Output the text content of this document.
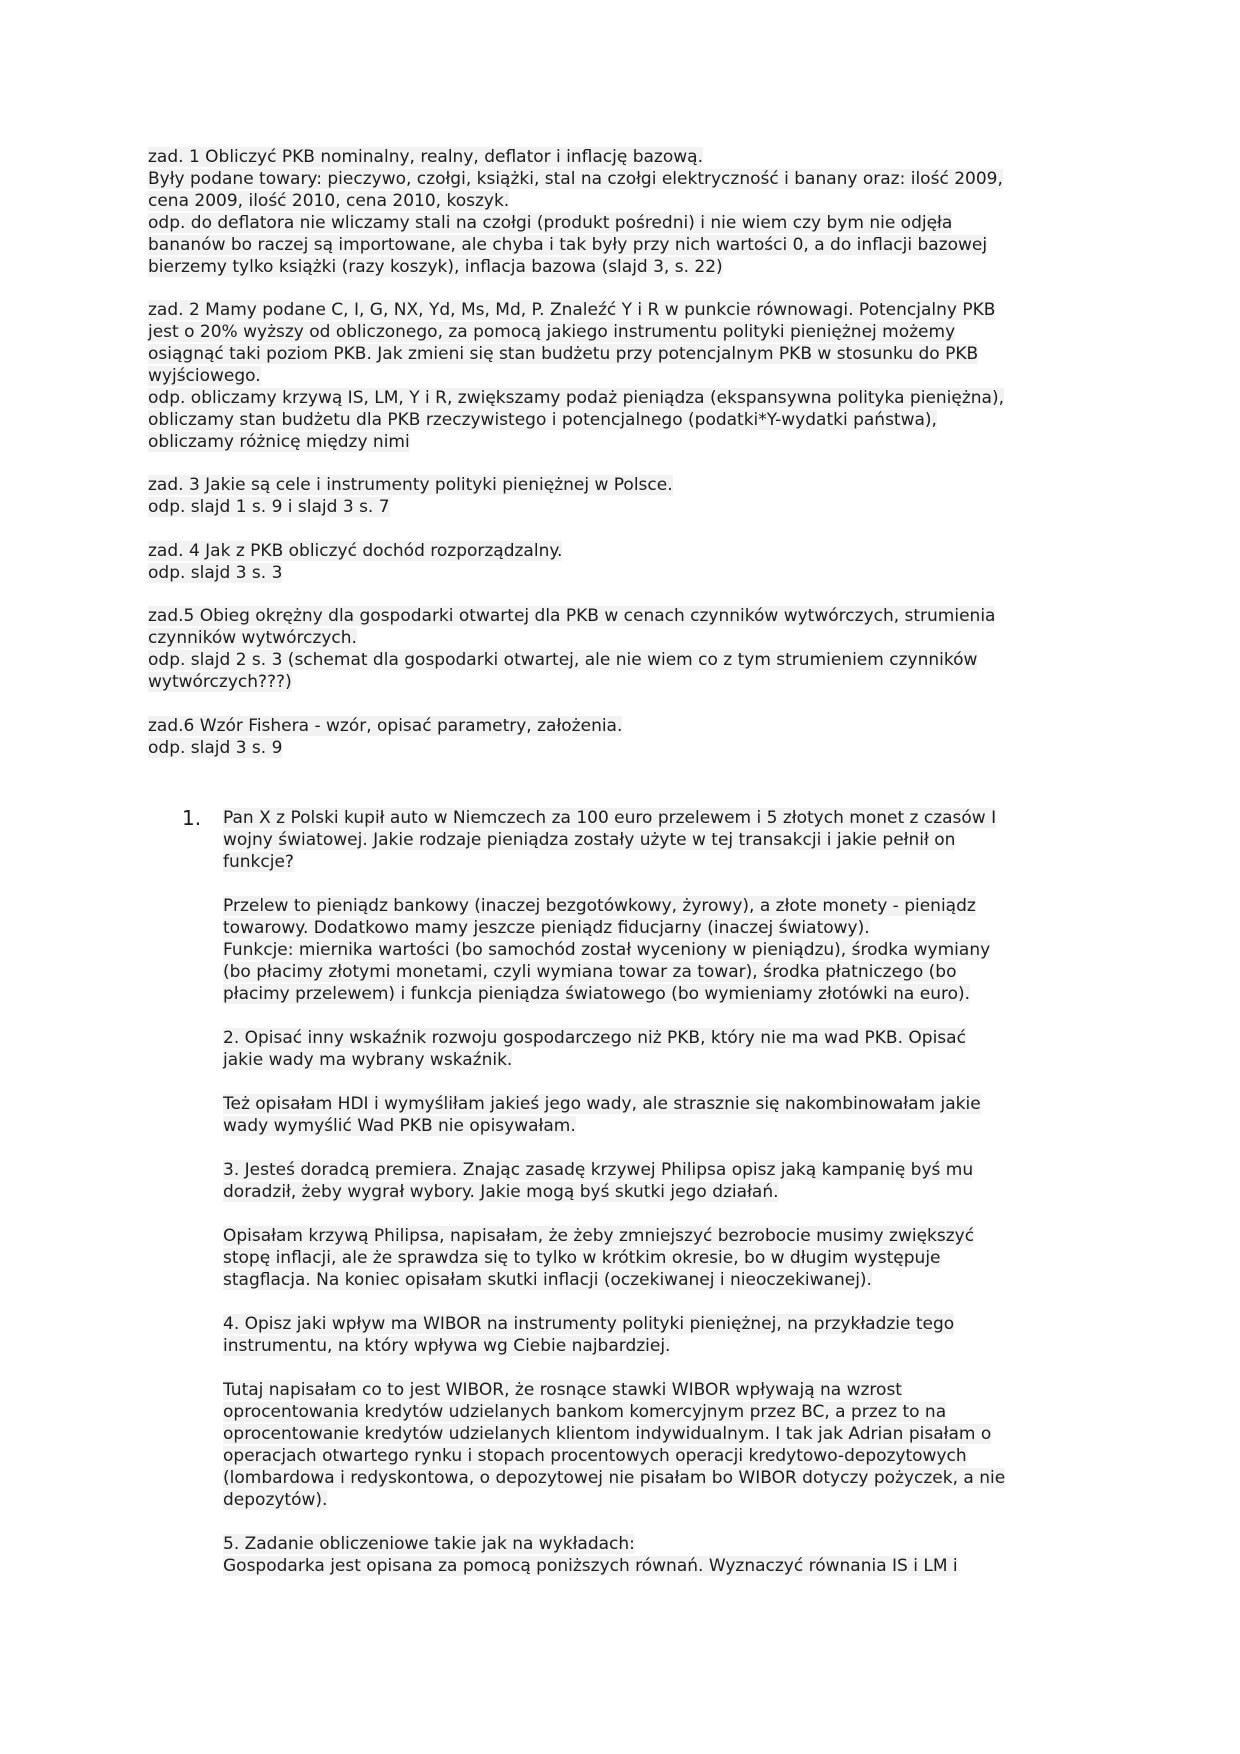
zad. 1 Obliczyć PKB nominalny, realny, deflator i inflację bazową.
Były podane towary: pieczywo, czołgi, książki, stal na czołgi elektryczność i banany oraz: ilość 2009,
cena 2009, ilość 2010, cena 2010, koszyk.
odp. do deflatora nie wliczamy stali na czołgi (produkt pośredni) i nie wiem czy bym nie odjęła
bananów bo raczej są importowane, ale chyba i tak były przy nich wartości 0, a do inflacji bazowej
bierzemy tylko książki (razy koszyk), inflacja bazowa (slajd 3, s. 22)
zad. 2 Mamy podane C, I, G, NX, Yd, Ms, Md, P. Znaleźć Y i R w punkcie równowagi. Potencjalny PKB
jest o 20% wyższy od obliczonego, za pomocą jakiego instrumentu polityki pieniężnej możemy
osiągnąć taki poziom PKB. Jak zmieni się stan budżetu przy potencjalnym PKB w stosunku do PKB
wyjściowego.
odp. obliczamy krzywą IS, LM, Y i R, zwiększamy podaż pieniądza (ekspansywna polityka pieniężna),
obliczamy stan budżetu dla PKB rzeczywistego i potencjalnego (podatki*Y-wydatki państwa),
obliczamy różnicę między nimi
zad. 3 Jakie są cele i instrumenty polityki pieniężnej w Polsce.
odp. slajd 1 s. 9 i slajd 3 s. 7
zad. 4 Jak z PKB obliczyć dochód rozporządzalny.
odp. slajd 3 s. 3
zad.5 Obieg okrężny dla gospodarki otwartej dla PKB w cenach czynników wytwórczych, strumienia
czynników wytwórczych.
odp. slajd 2 s. 3 (schemat dla gospodarki otwartej, ale nie wiem co z tym strumieniem czynników
wytwórczych???)
zad.6 Wzór Fishera - wzór, opisać parametry, założenia.
odp. slajd 3 s. 9
1. Pan X z Polski kupił auto w Niemczech za 100 euro przelewem i 5 złotych monet z czasów I
wojny światowej. Jakie rodzaje pieniądza zostały użyte w tej transakcji i jakie pełnił on
funkcje?
Przelew to pieniądz bankowy (inaczej bezgotówkowy, żyrowy), a złote monety - pieniądz
towarowy. Dodatkowo mamy jeszcze pieniądz fiducjarny (inaczej światowy).
Funkcje: miernika wartości (bo samochód został wyceniony w pieniądzu), środka wymiany
(bo płacimy złotymi monetami, czyli wymiana towar za towar), środka płatniczego (bo
płacimy przelewem) i funkcja pieniądza światowego (bo wymieniamy złotówki na euro).
2. Opisać inny wskaźnik rozwoju gospodarczego niż PKB, który nie ma wad PKB. Opisać
jakie wady ma wybrany wskaźnik.
Też opisałam HDI i wymyśliłam jakieś jego wady, ale strasznie się nakombinowałam jakie
wady wymyślić Wad PKB nie opisywałam.
3. Jesteś doradcą premiera. Znając zasadę krzywej Philipsa opisz jaką kampanię byś mu
doradził, żeby wygrał wybory. Jakie mogą byś skutki jego działań.
Opisałam krzywą Philipsa, napisałam, że żeby zmniejszyć bezrobocie musimy zwiększyć
stopę inflacji, ale że sprawdza się to tylko w krótkim okresie, bo w długim występuje
stagflacja. Na koniec opisałam skutki inflacji (oczekiwanej i nieoczekiwanej).
4. Opisz jaki wpływ ma WIBOR na instrumenty polityki pieniężnej, na przykładzie tego
instrumentu, na który wpływa wg Ciebie najbardziej.
Tutaj napisałam co to jest WIBOR, że rosnące stawki WIBOR wpływają na wzrost
oprocentowania kredytów udzielanych bankom komercyjnym przez BC, a przez to na
oprocentowanie kredytów udzielanych klientom indywidualnym. I tak jak Adrian pisałam o
operacjach otwartego rynku i stopach procentowych operacji kredytowo-depozytowych
(lombardowa i redyskontowa, o depozytowej nie pisałam bo WIBOR dotyczy pożyczek, a nie
depozytów).
5. Zadanie obliczeniowe takie jak na wykładach:
Gospodarka jest opisana za pomocą poniższych równań. Wyznaczyć równania IS i LM i
